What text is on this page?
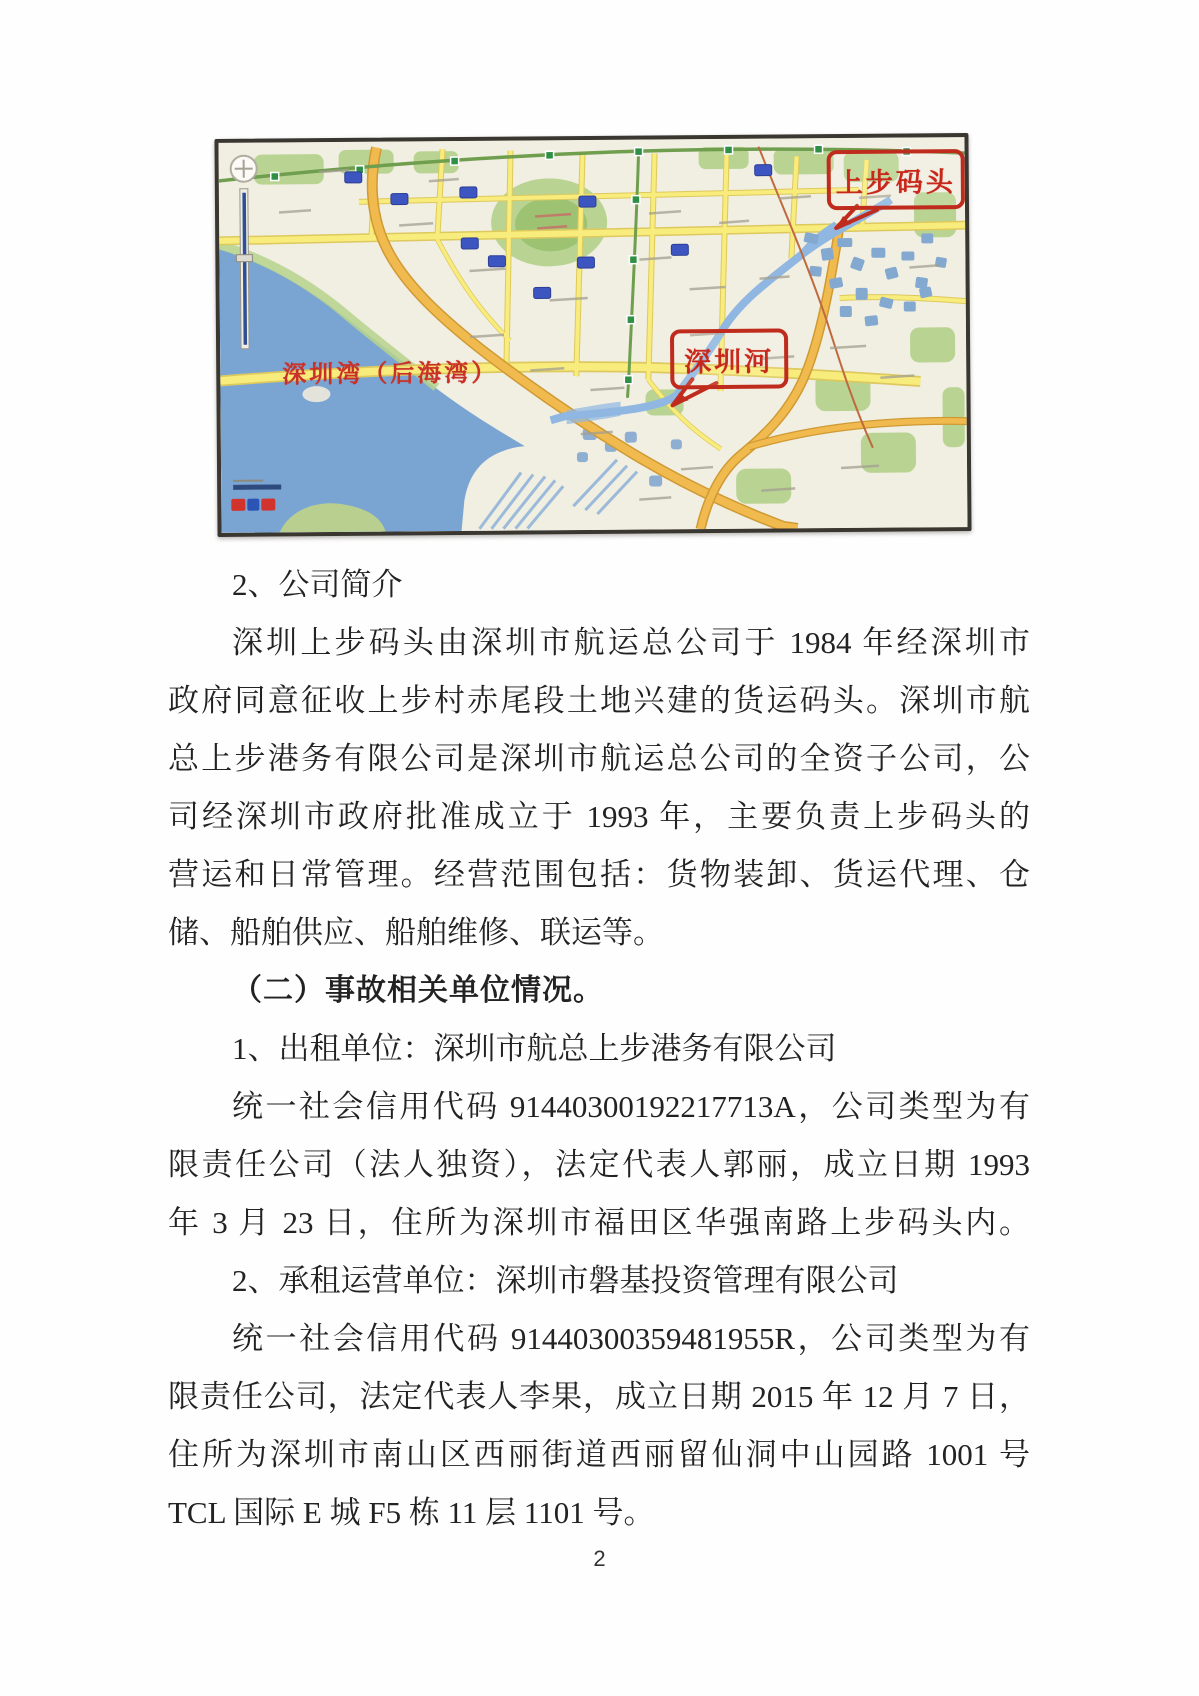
上步码头
深圳河
深圳湾（后海湾）
2、公司简介
深圳上步码头由深圳市航运总公司于 1984 年经深圳市
政府同意征收上步村赤尾段土地兴建的货运码头。深圳市航
总上步港务有限公司是深圳市航运总公司的全资子公司，公
司经深圳市政府批准成立于 1993 年，主要负责上步码头的
营运和日常管理。经营范围包括：货物装卸、货运代理、仓
储、船舶供应、船舶维修、联运等。
（二）事故相关单位情况。
1、出租单位：深圳市航总上步港务有限公司
统一社会信用代码 91440300192217713A，公司类型为有
限责任公司（法人独资），法定代表人郭丽，成立日期 1993
年 3 月 23 日，住所为深圳市福田区华强南路上步码头内。
2、承租运营单位：深圳市磐基投资管理有限公司
统一社会信用代码 91440300359481955R，公司类型为有
限责任公司，法定代表人李果，成立日期 2015 年 12 月 7 日，
住所为深圳市南山区西丽街道西丽留仙洞中山园路 1001 号
TCL 国际 E 城 F5 栋 11 层 1101 号。
2
